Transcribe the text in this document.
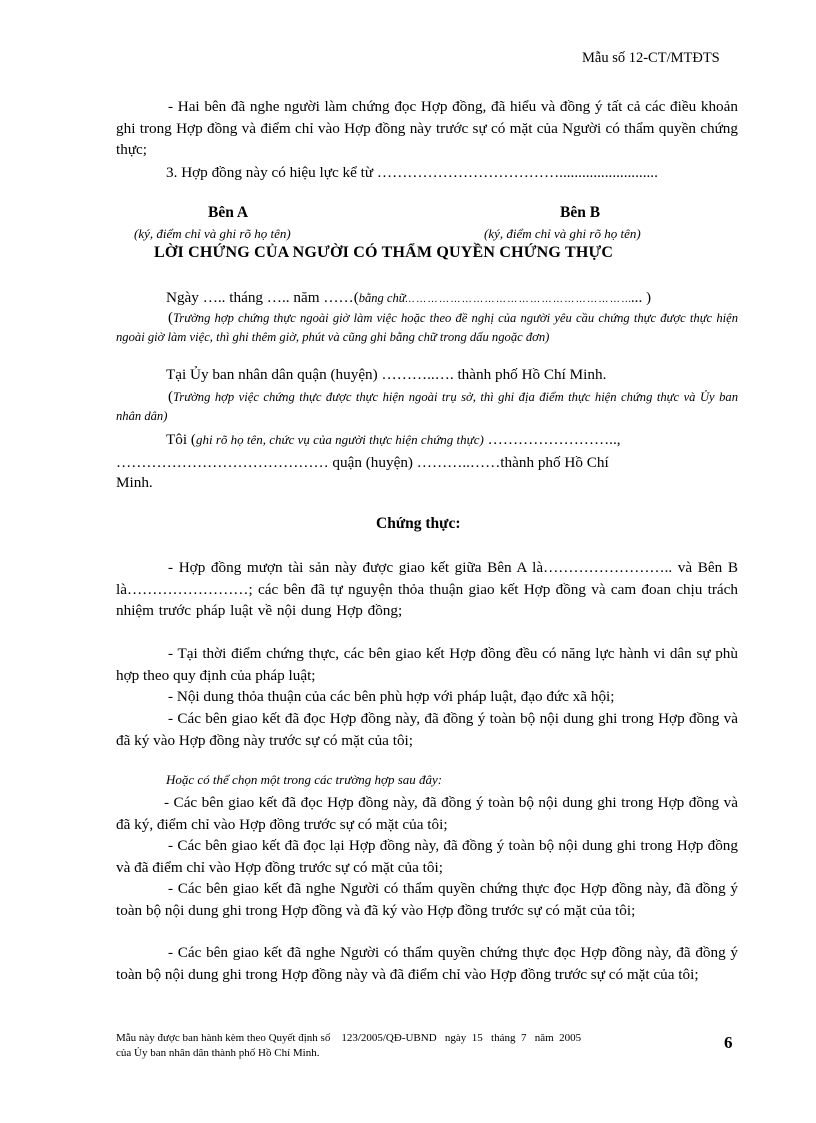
Mẫu số 12-CT/MTĐTS
- Hai bên đã nghe người làm chứng đọc Hợp đồng, đã hiểu và đồng ý tất cả các điều khoản ghi trong Hợp đồng và điểm chỉ vào Hợp đồng này trước sự có mặt của Người có thẩm quyền chứng thực;
3. Hợp đồng này có hiệu lực kể từ ………………………………..........................
Bên A
(ký, điểm chỉ và ghi rõ họ tên)
Bên B
(ký, điểm chỉ và ghi rõ họ tên)
LỜI CHỨNG CỦA NGƯỜI CÓ THẨM QUYỀN CHỨNG THỰC
Ngày ….. tháng ….. năm ……(bằng chữ… … … … … … … … … … … … … … … … … … … …... )
(Trường hợp chứng thực ngoài giờ làm việc hoặc theo đề nghị của người yêu cầu chứng thực được thực hiện ngoài giờ làm việc, thì ghi thêm giờ, phút và cũng ghi bằng chữ trong dấu ngoặc đơn)
Tại Ủy ban nhân dân quận (huyện) ………..…. thành phố Hồ Chí Minh.
(Trường hợp việc chứng thực được thực hiện ngoài trụ sở, thì ghi địa điểm thực hiện chứng thực và Ủy ban nhân dân)
Tôi (ghi rõ họ tên, chức vụ của người thực hiện chứng thực) ……………………..,
…………………………………… quận (huyện) ………..……thành phố Hồ Chí
Minh.
Chứng thực:
- Hợp đồng mượn tài sản này được giao kết giữa Bên A là…………………….. và Bên B là……………………; các bên đã tự nguyện thỏa thuận giao kết Hợp đồng và cam đoan chịu trách nhiệm trước pháp luật về nội dung Hợp đồng;
- Tại thời điểm chứng thực, các bên giao kết Hợp đồng đều có năng lực hành vi dân sự phù hợp theo quy định của pháp luật;
- Nội dung thỏa thuận của các bên phù hợp với pháp luật, đạo đức xã hội;
- Các bên giao kết đã đọc Hợp đồng này, đã đồng ý toàn bộ nội dung ghi trong Hợp đồng và đã ký vào Hợp đồng này trước sự có mặt của tôi;
Hoặc có thể chọn một trong các trường hợp sau đây:
- Các bên giao kết đã đọc Hợp đồng này, đã đồng ý toàn bộ nội dung ghi trong Hợp đồng và đã ký, điểm chỉ vào Hợp đồng trước sự có mặt của tôi;
- Các bên giao kết đã đọc lại Hợp đồng này, đã đồng ý toàn bộ nội dung ghi trong Hợp đồng và đã điểm chỉ vào Hợp đồng trước sự có mặt của tôi;
- Các bên giao kết đã nghe Người có thẩm quyền chứng thực đọc Hợp đồng này, đã đồng ý toàn bộ nội dung ghi trong Hợp đồng và đã ký vào Hợp đồng trước sự có mặt của tôi;
- Các bên giao kết đã nghe Người có thẩm quyền chứng thực đọc Hợp đồng này, đã đồng ý toàn bộ nội dung ghi trong Hợp đồng này và đã điểm chỉ vào Hợp đồng trước sự có mặt của tôi;
Mẫu này được ban hành kèm theo Quyết định số    123/2005/QĐ-UBND   ngày  15   tháng  7   năm  2005
của Ủy ban nhân dân thành phố Hồ Chí Minh.
6
